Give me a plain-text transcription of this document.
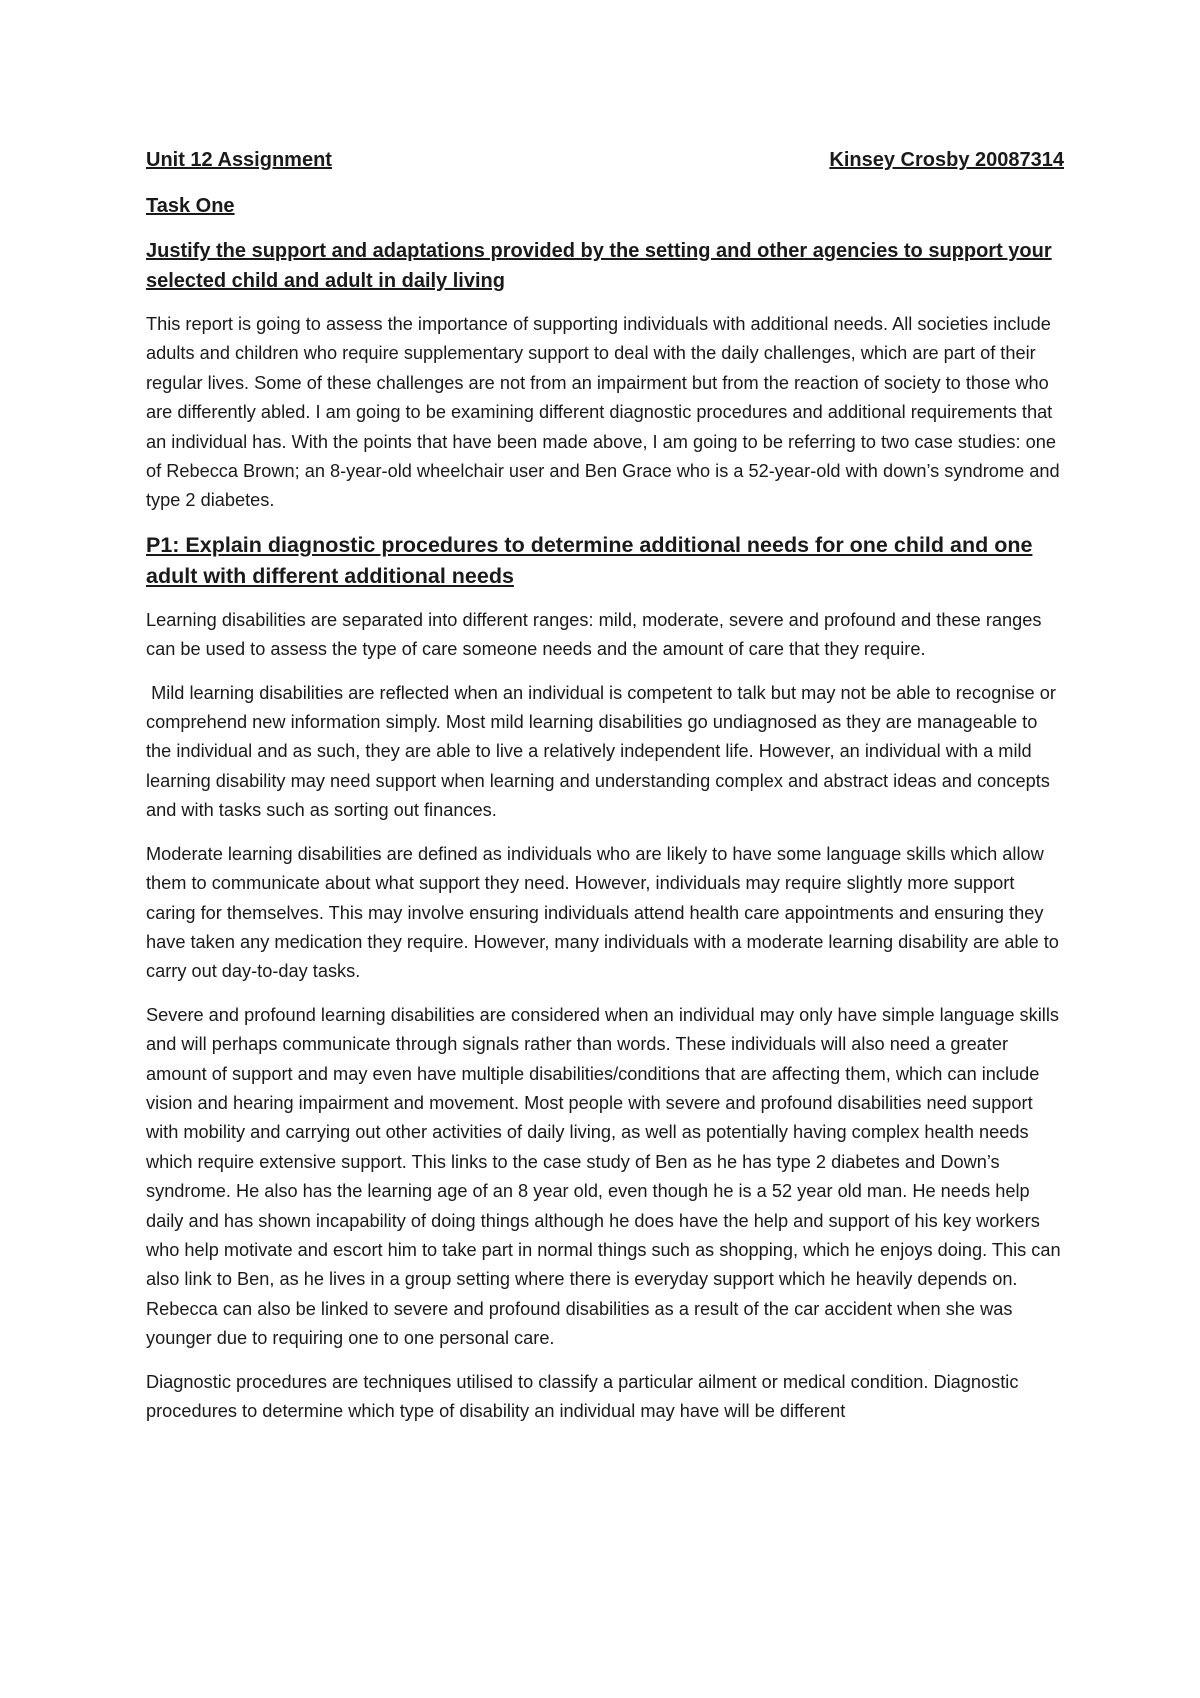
Unit 12 Assignment	Kinsey Crosby 20087314
Task One
Justify the support and adaptations provided by the setting and other agencies to support your selected child and adult in daily living

This report is going to assess the importance of supporting individuals with additional needs. All societies include adults and children who require supplementary support to deal with the daily challenges, which are part of their regular lives. Some of these challenges are not from an impairment but from the reaction of society to those who are differently abled. I am going to be examining different diagnostic procedures and additional requirements that an individual has. With the points that have been made above, I am going to be referring to two case studies: one of Rebecca Brown; an 8-year-old wheelchair user and Ben Grace who is a 52-year-old with down’s syndrome and type 2 diabetes.

P1: Explain diagnostic procedures to determine additional needs for one child and one adult with different additional needs

Learning disabilities are separated into different ranges: mild, moderate, severe and profound and these ranges can be used to assess the type of care someone needs and the amount of care that they require.

Mild learning disabilities are reflected when an individual is competent to talk but may not be able to recognise or comprehend new information simply. Most mild learning disabilities go undiagnosed as they are manageable to the individual and as such, they are able to live a relatively independent life. However, an individual with a mild learning disability may need support when learning and understanding complex and abstract ideas and concepts and with tasks such as sorting out finances.

Moderate learning disabilities are defined as individuals who are likely to have some language skills which allow them to communicate about what support they need. However, individuals may require slightly more support caring for themselves. This may involve ensuring individuals attend health care appointments and ensuring they have taken any medication they require. However, many individuals with a moderate learning disability are able to carry out day-to-day tasks.

Severe and profound learning disabilities are considered when an individual may only have simple language skills and will perhaps communicate through signals rather than words. These individuals will also need a greater amount of support and may even have multiple disabilities/conditions that are affecting them, which can include vision and hearing impairment and movement. Most people with severe and profound disabilities need support with mobility and carrying out other activities of daily living, as well as potentially having complex health needs which require extensive support. This links to the case study of Ben as he has type 2 diabetes and Down’s syndrome. He also has the learning age of an 8 year old, even though he is a 52 year old man. He needs help daily and has shown incapability of doing things although he does have the help and support of his key workers who help motivate and escort him to take part in normal things such as shopping, which he enjoys doing. This can also link to Ben, as he lives in a group setting where there is everyday support which he heavily depends on. Rebecca can also be linked to severe and profound disabilities as a result of the car accident when she was younger due to requiring one to one personal care.

Diagnostic procedures are techniques utilised to classify a particular ailment or medical condition. Diagnostic procedures to determine which type of disability an individual may have will be different
